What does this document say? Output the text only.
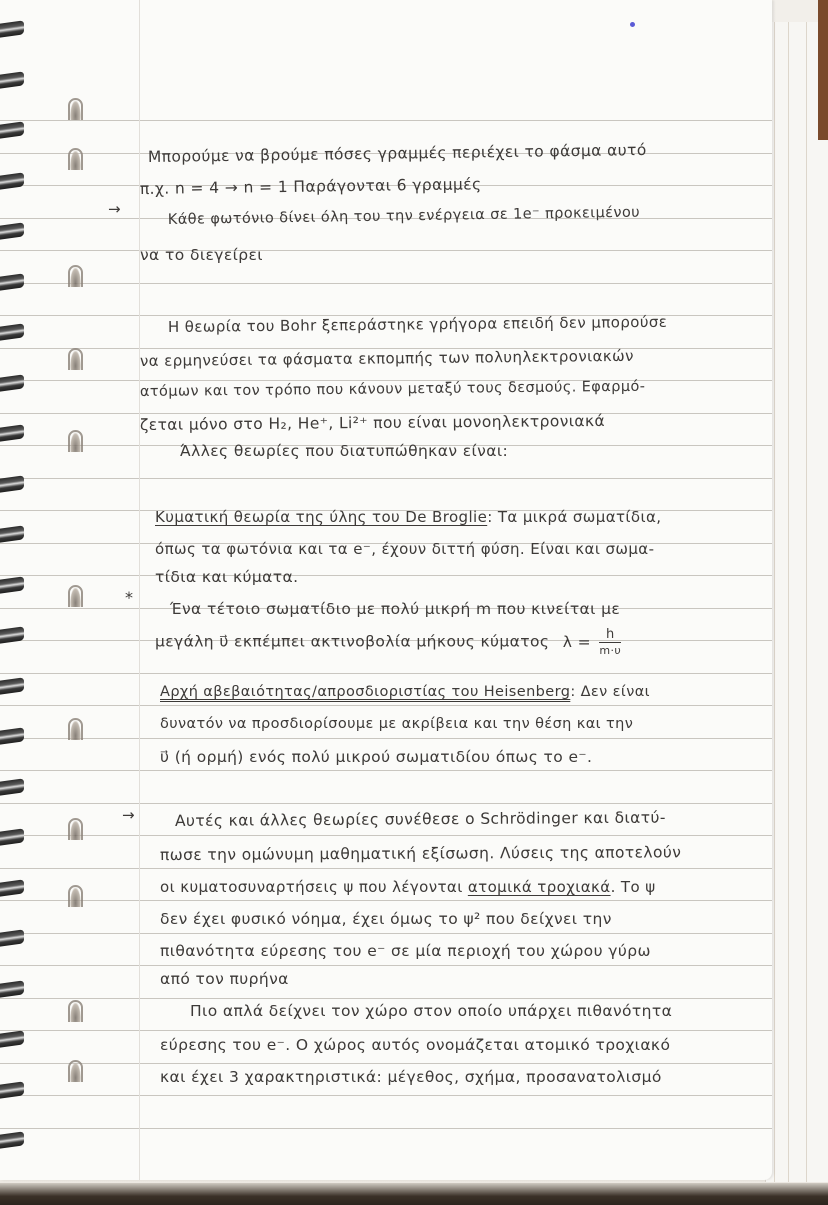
Μπορούμε να βρούμε πόσες γραμμές περιέχει το φάσμα αυτό
π.χ. n = 4 → n = 1 Παράγονται 6 γραμμές
Κάθε φωτόνιο δίνει όλη του την ενέργεια σε 1e⁻ προκειμένου
να το διεγείρει
Η θεωρία του Bohr ξεπεράστηκε γρήγορα επειδή δεν μπορούσε
να ερμηνεύσει τα φάσματα εκπομπής των πολυηλεκτρονιακών
ατόμων και τον τρόπο που κάνουν μεταξύ τους δεσμούς. Εφαρμό-
ζεται μόνο στο H₂, He⁺, Li²⁺ που είναι μονοηλεκτρονιακά
Άλλες θεωρίες που διατυπώθηκαν είναι:
Κυματική θεωρία της ύλης του De Broglie: Τα μικρά σωματίδια,
όπως τα φωτόνια και τα e⁻, έχουν διττή φύση. Είναι και σωμα-
τίδια και κύματα.
Ένα τέτοιο σωματίδιο με πολύ μικρή m που κινείται με
μεγάλη υ⃗ εκπέμπει ακτινοβολία μήκους κύματος $\lambda = \frac{h}{m\cdot\upsilon}$
Αρχή αβεβαιότητας/απροσδιοριστίας του Heisenberg: Δεν είναι
δυνατόν να προσδιορίσουμε με ακρίβεια και την θέση και την
υ⃗ (ή ορμή) ενός πολύ μικρού σωματιδίου όπως το e⁻.
Αυτές και άλλες θεωρίες συνέθεσε ο Schrödinger και διατύ-
πωσε την ομώνυμη μαθηματική εξίσωση. Λύσεις της αποτελούν
οι κυματοσυναρτήσεις ψ που λέγονται ατομικά τροχιακά. Το ψ
δεν έχει φυσικό νόημα, έχει όμως το ψ² που δείχνει την
πιθανότητα εύρεσης του e⁻ σε μία περιοχή του χώρου γύρω
από τον πυρήνα
Πιο απλά δείχνει τον χώρο στον οποίο υπάρχει πιθανότητα
εύρεσης του e⁻. Ο χώρος αυτός ονομάζεται ατομικό τροχιακό
και έχει 3 χαρακτηριστικά: μέγεθος, σχήμα, προσανατολισμό
→
*
→
